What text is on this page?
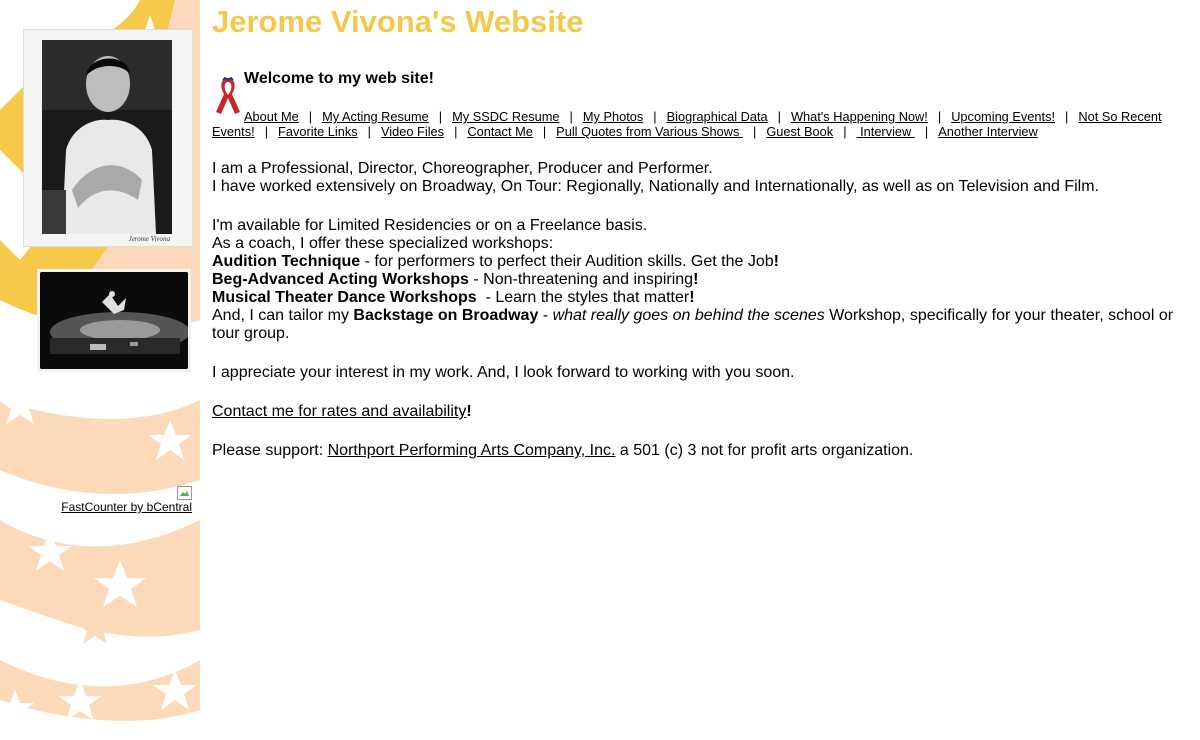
Jerome Vivona
FastCounter by bCentral
Jerome Vivona's Website
Welcome to my web site!
About Me | My Acting Resume | My SSDC Resume | My Photos | Biographical Data | What's Happening Now! | Upcoming Events! | Not So Recent Events! | Favorite Links | Video Files | Contact Me | Pull Quotes from Various Shows | Guest Book | Interview | Another Interview

I am a Professional, Director, Choreographer, Producer and Performer.

I have worked extensively on Broadway, On Tour: Regionally, Nationally and Internationally, as well as on Television and Film.

I'm available for Limited Residencies or on a Freelance basis.

As a coach, I offer these specialized workshops:

Audition Technique - for performers to perfect their Audition skills. Get the Job!

Beg-Advanced Acting Workshops - Non-threatening and inspiring!

Musical Theater Dance Workshops  - Learn the styles that matter!

And, I can tailor my Backstage on Broadway - what really goes on behind the scenes Workshop, specifically for your theater, school or tour group.

I appreciate your interest in my work. And, I look forward to working with you soon.

Contact me for rates and availability!

Please support: Northport Performing Arts Company, Inc. a 501 (c) 3 not for profit arts organization.
